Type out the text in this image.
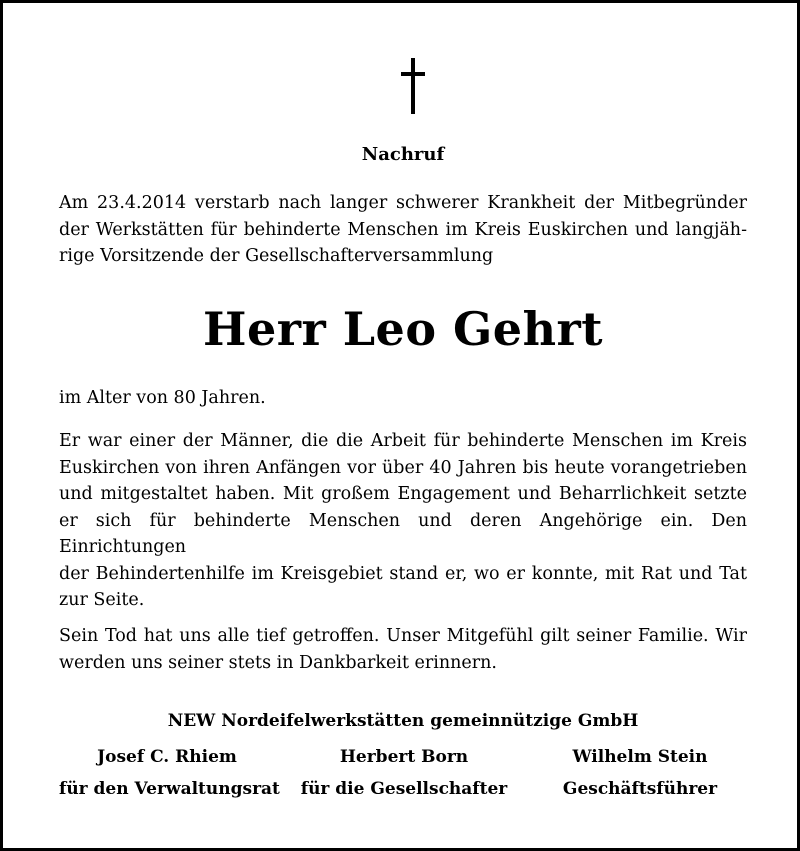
Nachruf
Am 23.4.2014 verstarb nach langer schwerer Krankheit der Mitbegründer
der Werkstätten für behinderte Menschen im Kreis Euskirchen und langjäh-
rige Vorsitzende der Gesellschafterversammlung
Herr Leo Gehrt
im Alter von 80 Jahren.
Er war einer der Männer, die die Arbeit für behinderte Menschen im Kreis
Euskirchen von ihren Anfängen vor über 40 Jahren bis heute vorangetrieben
und mitgestaltet haben. Mit großem Engagement und Beharrlichkeit setzte
er sich für behinderte Menschen und deren Angehörige ein. Den Einrichtungen
der Behindertenhilfe im Kreisgebiet stand er, wo er konnte, mit Rat und Tat
zur Seite.
Sein Tod hat uns alle tief getroffen. Unser Mitgefühl gilt seiner Familie. Wir
werden uns seiner stets in Dankbarkeit erinnern.
NEW Nordeifelwerkstätten gemeinnützige GmbH
Josef C. Rhiem
für den Verwaltungsrat
Herbert Born
für die Gesellschafter
Wilhelm Stein
Geschäftsführer
